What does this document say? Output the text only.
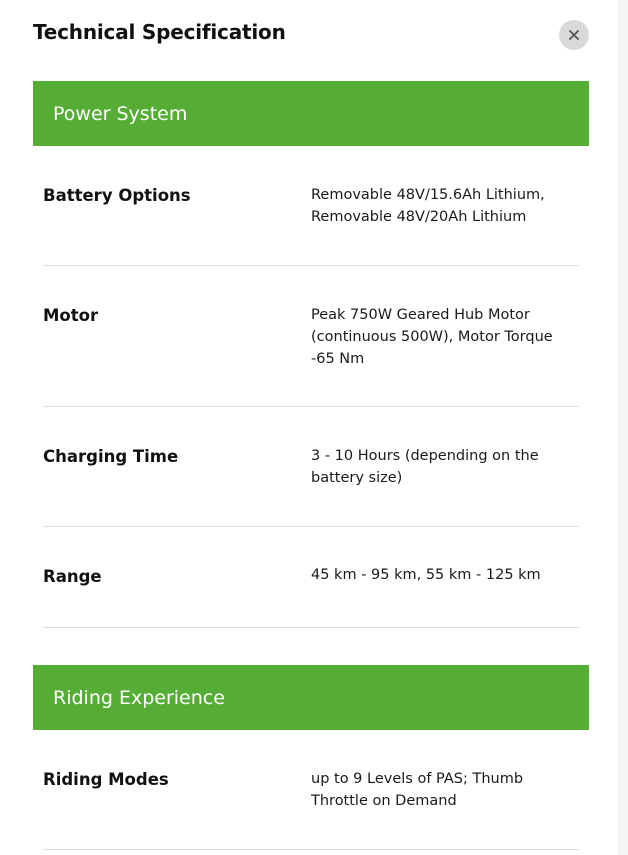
Technical Specification
Power System
Battery Options	Removable 48V/15.6Ah Lithium, Removable 48V/20Ah Lithium
Motor	Peak 750W Geared Hub Motor (continuous 500W), Motor Torque -65 Nm
Charging Time	3 - 10 Hours (depending on the battery size)
Range	45 km - 95 km, 55 km - 125 km
Riding Experience
Riding Modes	up to 9 Levels of PAS; Thumb Throttle on Demand
